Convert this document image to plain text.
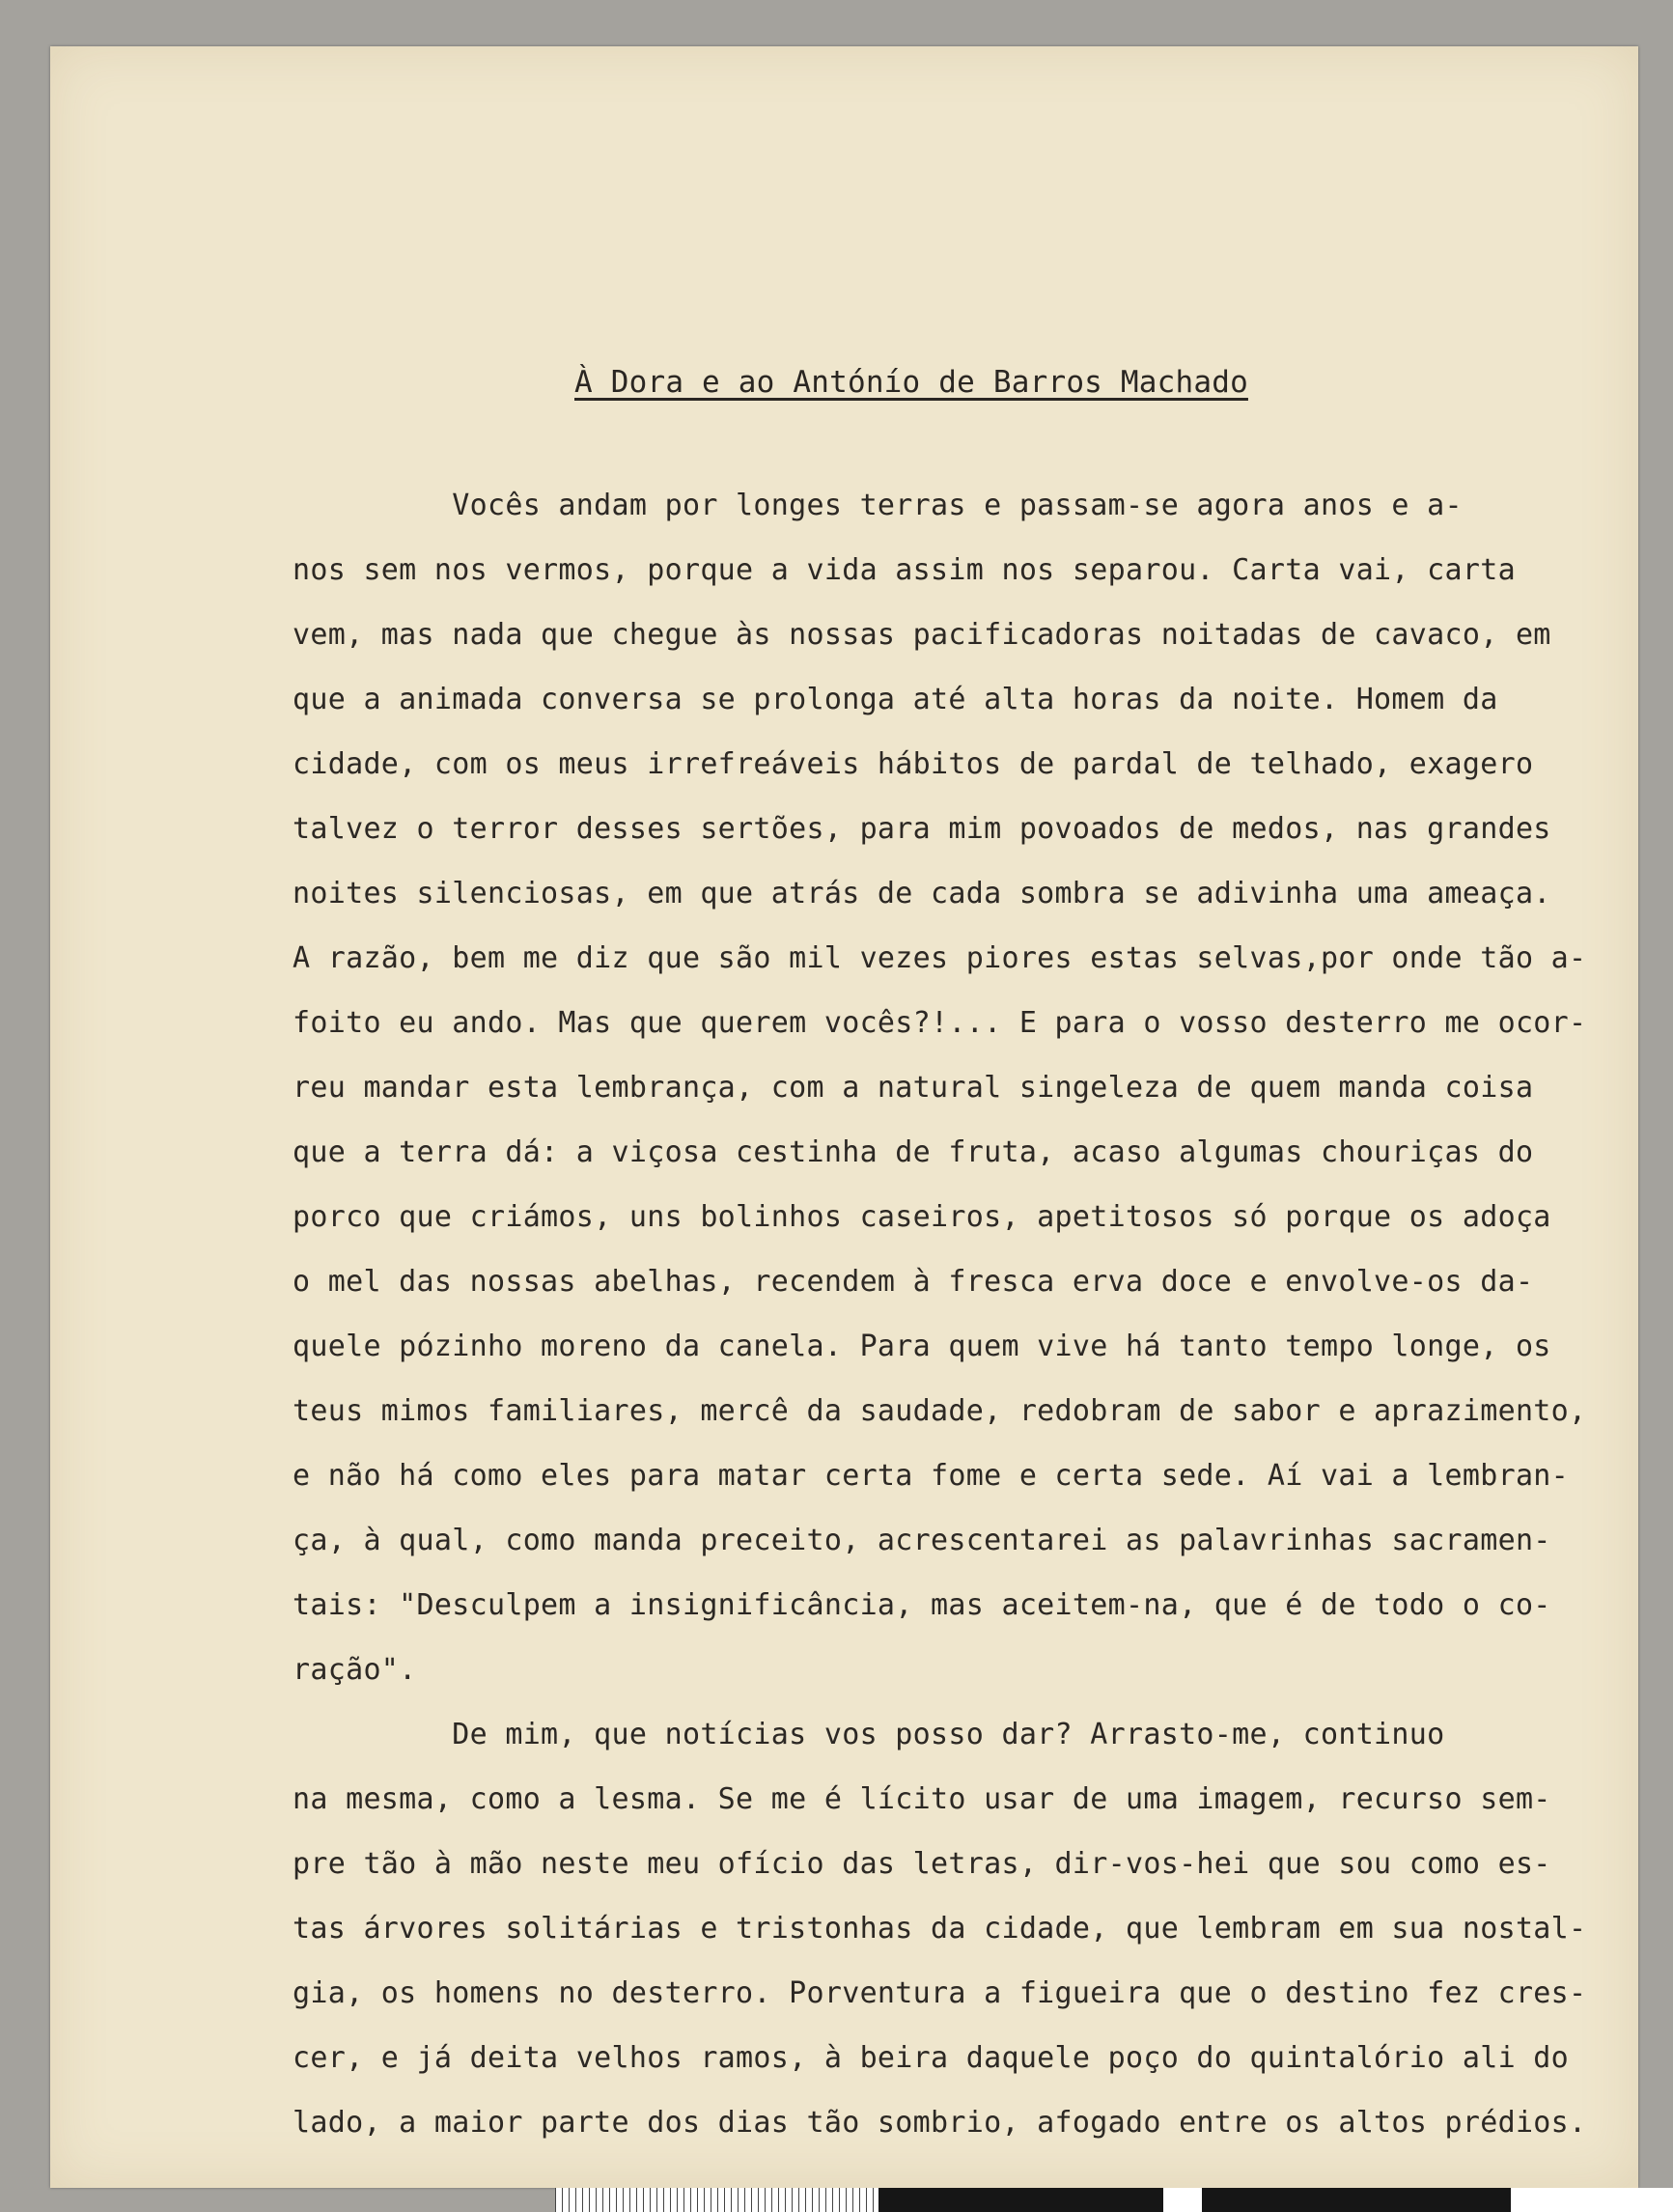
À Dora e ao Antónío de Barros Machado
Vocês andam por longes terras e passam-se agora anos e a-
nos sem nos vermos, porque a vida assim nos separou. Carta vai, carta
vem, mas nada que chegue às nossas pacificadoras noitadas de cavaco, em
que a animada conversa se prolonga até alta horas da noite. Homem da
cidade, com os meus irrefreáveis hábitos de pardal de telhado, exagero
talvez o terror desses sertões, para mim povoados de medos, nas grandes
noites silenciosas, em que atrás de cada sombra se adivinha uma ameaça.
A razão, bem me diz que são mil vezes piores estas selvas,por onde tão a-
foito eu ando. Mas que querem vocês?!... E para o vosso desterro me ocor-
reu mandar esta lembrança, com a natural singeleza de quem manda coisa
que a terra dá: a viçosa cestinha de fruta, acaso algumas chouriças do
porco que criámos, uns bolinhos caseiros, apetitosos só porque os adoça
o mel das nossas abelhas, recendem à fresca erva doce e envolve-os da-
quele pózinho moreno da canela. Para quem vive há tanto tempo longe, os
teus mimos familiares, mercê da saudade, redobram de sabor e aprazimento,
e não há como eles para matar certa fome e certa sede. Aí vai a lembran-
ça, à qual, como manda preceito, acrescentarei as palavrinhas sacramen-
tais: "Desculpem a insignificância, mas aceitem-na, que é de todo o co-
ração".
De mim, que notícias vos posso dar? Arrasto-me, continuo
na mesma, como a lesma. Se me é lícito usar de uma imagem, recurso sem-
pre tão à mão neste meu ofício das letras, dir-vos-hei que sou como es-
tas árvores solitárias e tristonhas da cidade, que lembram em sua nostal-
gia, os homens no desterro. Porventura a figueira que o destino fez cres-
cer, e já deita velhos ramos, à beira daquele poço do quintalório ali do
lado, a maior parte dos dias tão sombrio, afogado entre os altos prédios.
